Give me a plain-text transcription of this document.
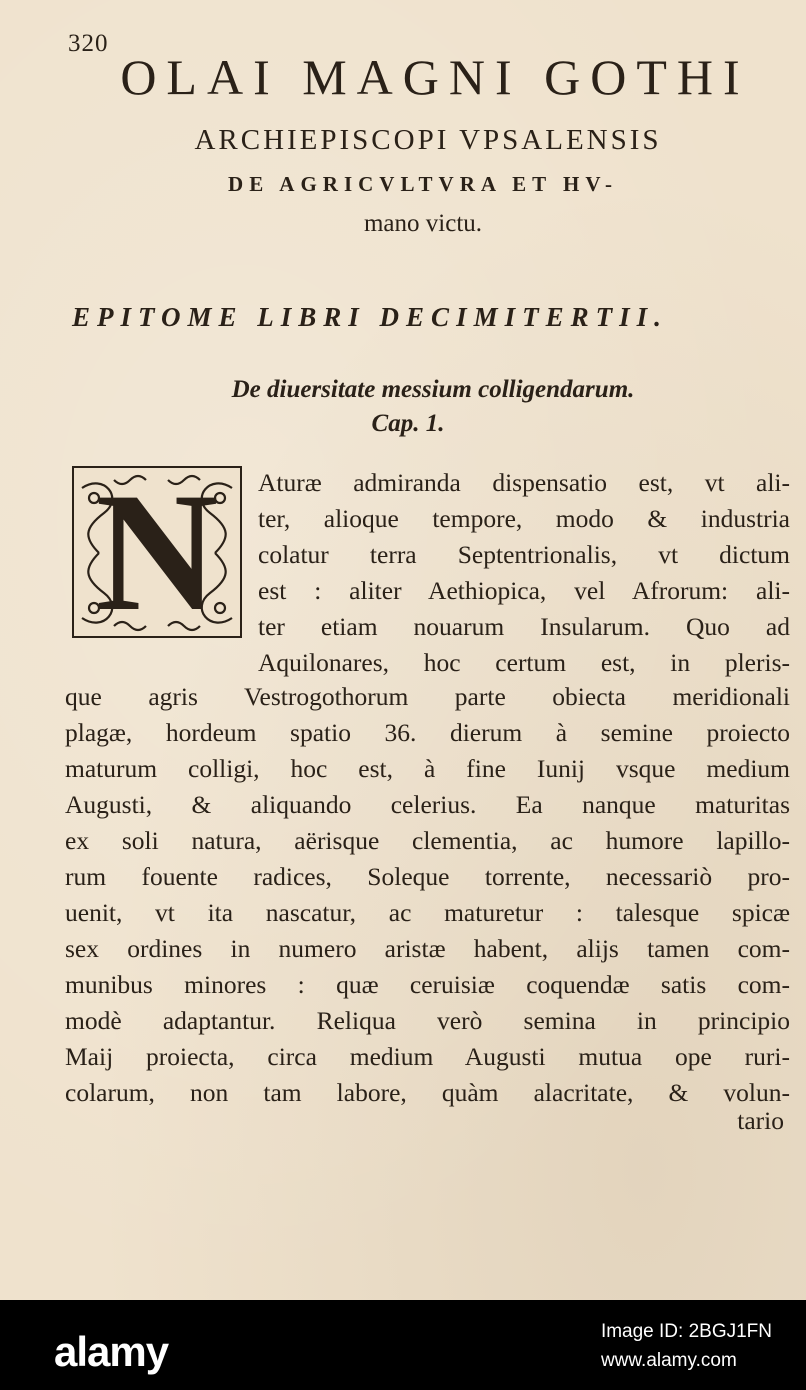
320
OLAI MAGNI GOTHI
ARCHIEPISCOPI VPSALENSIS
DE AGRICVLTVRA ET HV-
mano victu.
EPITOME LIBRI DECIMITERTII.
De diuersitate messium colligendarum.
Cap. 1.
N	Aturæ admiranda dispensatio est, vt ali-
ter, alioque tempore, modo & industria
colatur terra Septentrionalis, vt dictum
est : aliter Aethiopica, vel Afrorum: ali-
ter etiam nouarum Insularum. Quo ad
Aquilonares, hoc certum est, in pleris-
que agris Vestrogothorum parte obiecta meridionali
plagæ, hordeum spatio 36. dierum à semine proiecto
maturum colligi, hoc est, à fine Iunij vsque medium
Augusti, & aliquando celerius. Ea nanque maturitas
ex soli natura, aërisque clementia, ac humore lapillo-
rum fouente radices, Soleque torrente, necessariò pro-
uenit, vt ita nascatur, ac maturetur : talesque spicæ
sex ordines in numero aristæ habent, alijs tamen com-
munibus minores : quæ ceruisiæ coquendæ satis com-
modè adaptantur. Reliqua verò semina in principio
Maij proiecta, circa medium Augusti mutua ope ruri-
colarum, non tam labore, quàm alacritate, & volun-
tario
alamy	Image ID: 2BGJ1FN
www.alamy.com
